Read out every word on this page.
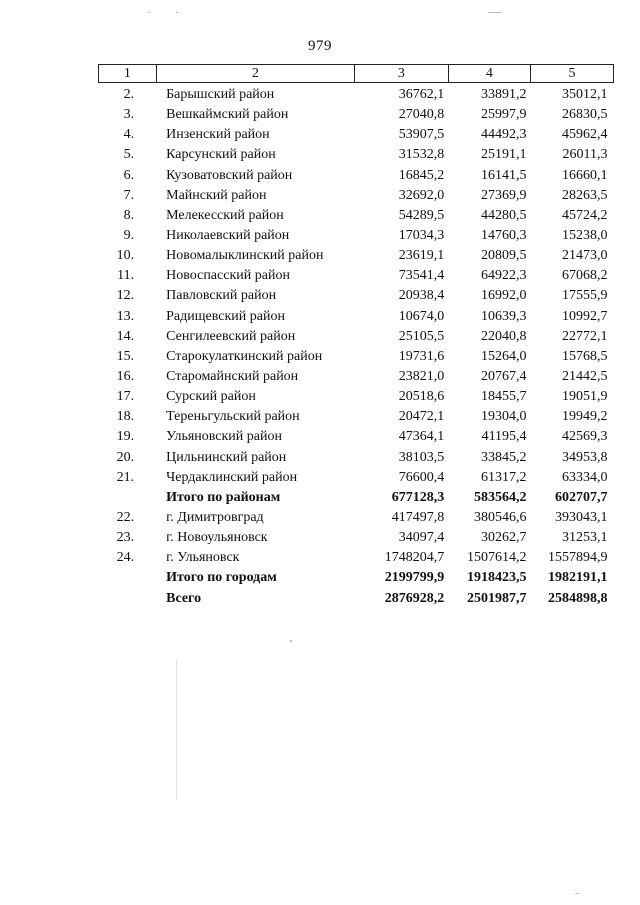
979
1	2	3	4	5
2.	Барышский район	36762,1	33891,2	35012,1
3.	Вешкаймский район	27040,8	25997,9	26830,5
4.	Инзенский район	53907,5	44492,3	45962,4
5.	Карсунский район	31532,8	25191,1	26011,3
6.	Кузоватовский район	16845,2	16141,5	16660,1
7.	Майнский район	32692,0	27369,9	28263,5
8.	Мелекесский район	54289,5	44280,5	45724,2
9.	Николаевский район	17034,3	14760,3	15238,0
10.	Новомалыклинский район	23619,1	20809,5	21473,0
11.	Новоспасский район	73541,4	64922,3	67068,2
12.	Павловский район	20938,4	16992,0	17555,9
13.	Радищевский район	10674,0	10639,3	10992,7
14.	Сенгилеевский район	25105,5	22040,8	22772,1
15.	Старокулаткинский район	19731,6	15264,0	15768,5
16.	Старомайнский район	23821,0	20767,4	21442,5
17.	Сурский район	20518,6	18455,7	19051,9
18.	Тереньгульский район	20472,1	19304,0	19949,2
19.	Ульяновский район	47364,1	41195,4	42569,3
20.	Цильнинский район	38103,5	33845,2	34953,8
21.	Чердаклинский район	76600,4	61317,2	63334,0
	Итого по районам	677128,3	583564,2	602707,7
22.	г. Димитровград	417497,8	380546,6	393043,1
23.	г. Новоульяновск	34097,4	30262,7	31253,1
24.	г. Ульяновск	1748204,7	1507614,2	1557894,9
	Итого по городам	2199799,9	1918423,5	1982191,1
	Всего	2876928,2	2501987,7	2584898,8
